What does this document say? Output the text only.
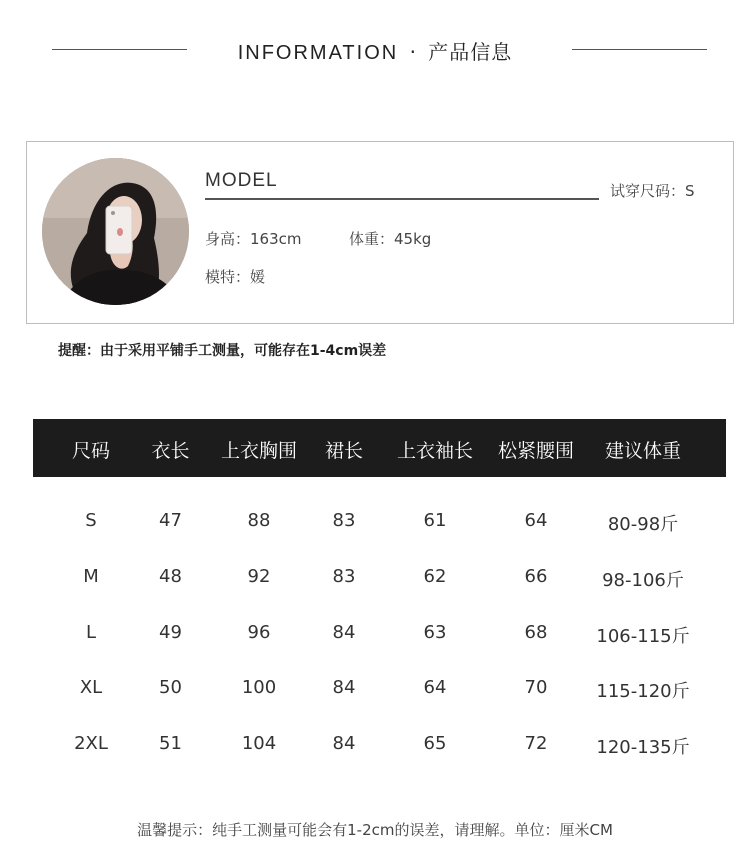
INFORMATION · 产品信息
MODEL	试穿尺码：S
身高：163cm	体重：45kg
模特：媛
提醒：由于采用平铺手工测量，可能存在1-4cm误差
尺码	衣长	上衣胸围	裙长	上衣袖长	松紧腰围	建议体重
S	47	88	83	61	64	80-98斤
M	48	92	83	62	66	98-106斤
L	49	96	84	63	68	106-115斤
XL	50	100	84	64	70	115-120斤
2XL	51	104	84	65	72	120-135斤
温馨提示：纯手工测量可能会有1-2cm的误差，请理解。单位：厘米CM
